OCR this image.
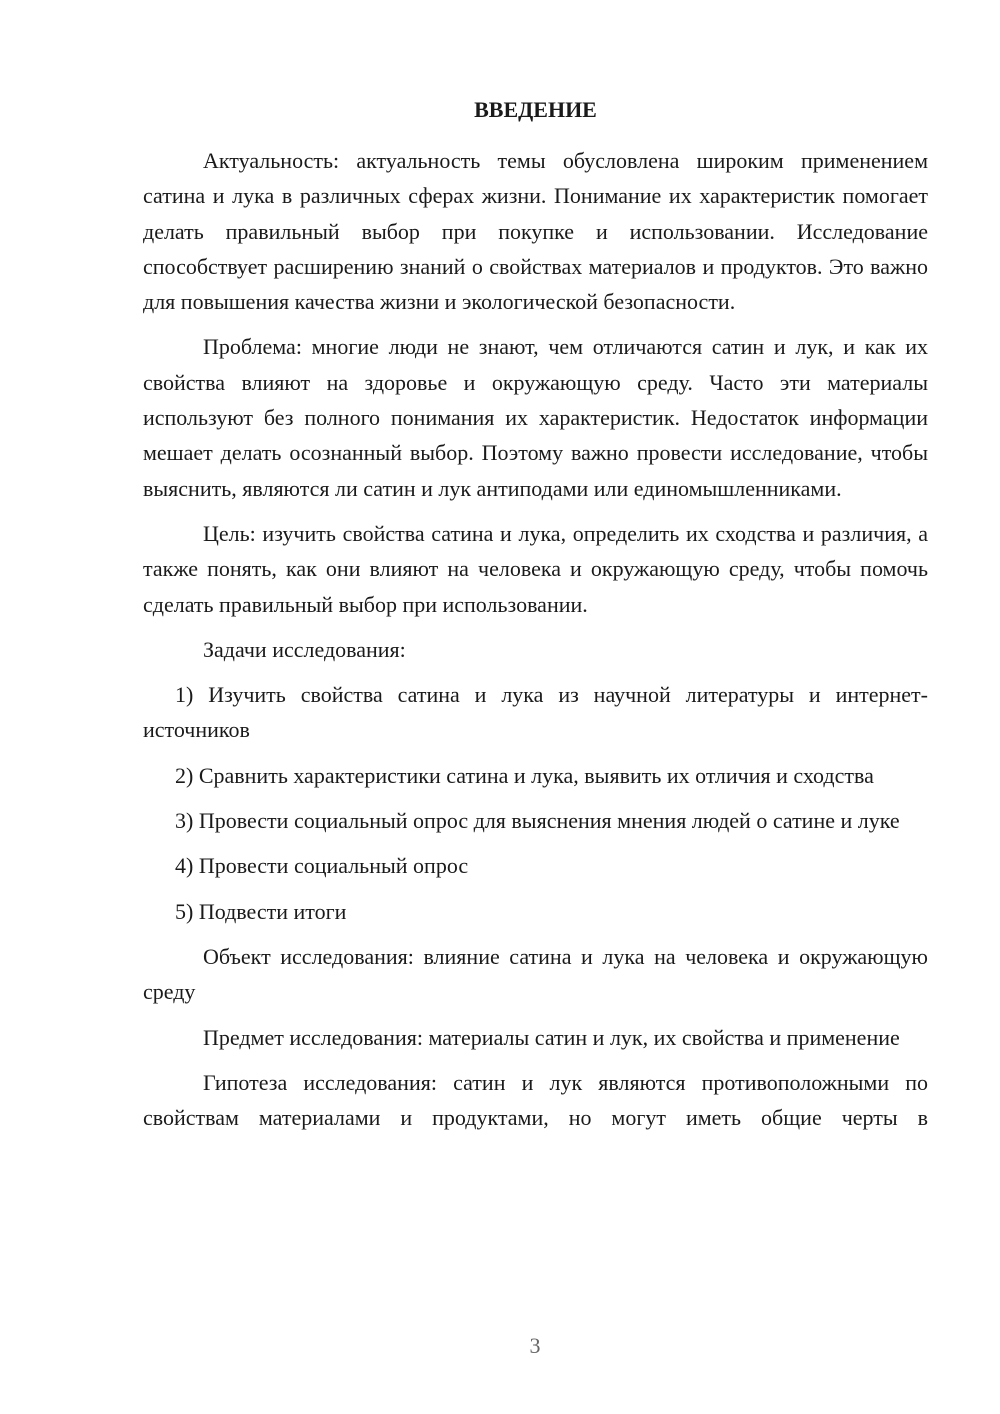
ВВЕДЕНИЕ

Актуальность: актуальность темы обусловлена широким применением сатина и лука в различных сферах жизни. Понимание их характеристик помогает делать правильный выбор при покупке и использовании. Исследование способствует расширению знаний о свойствах материалов и продуктов. Это важно для повышения качества жизни и экологической безопасности.

Проблема: многие люди не знают, чем отличаются сатин и лук, и как их свойства влияют на здоровье и окружающую среду. Часто эти материалы используют без полного понимания их характеристик. Недостаток информации мешает делать осознанный выбор. Поэтому важно провести исследование, чтобы выяснить, являются ли сатин и лук антиподами или единомышленниками.

Цель: изучить свойства сатина и лука, определить их сходства и различия, а также понять, как они влияют на человека и окружающую среду, чтобы помочь сделать правильный выбор при использовании.

Задачи исследования:

1) Изучить свойства сатина и лука из научной литературы и интернет-источников

2) Сравнить характеристики сатина и лука, выявить их отличия и сходства

3) Провести социальный опрос для выяснения мнения людей о сатине и луке

4) Провести социальный опрос

5) Подвести итоги

Объект исследования: влияние сатина и лука на человека и окружающую среду

Предмет исследования: материалы сатин и лук, их свойства и применение

Гипотеза исследования: сатин и лук являются противоположными по свойствам материалами и продуктами, но могут иметь общие черты в

3
